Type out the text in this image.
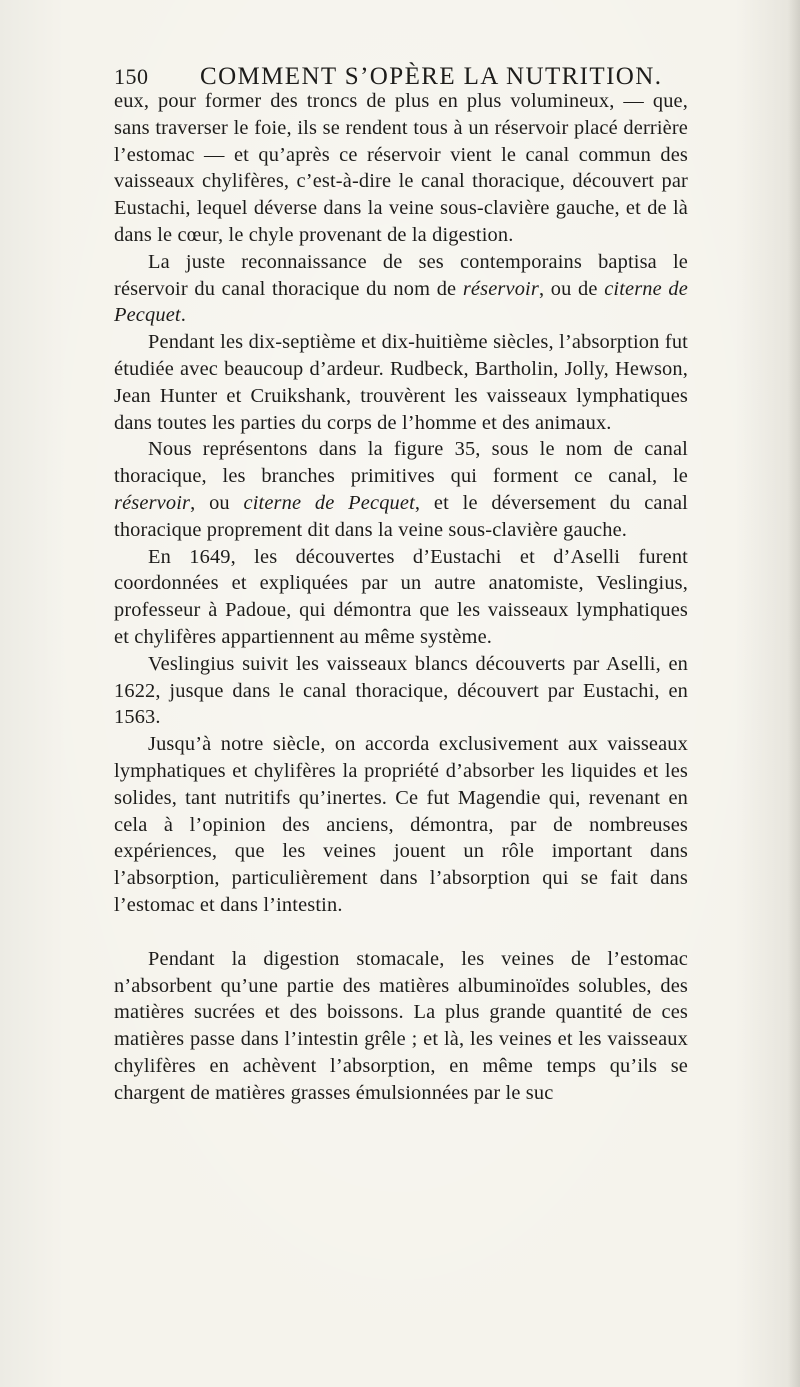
150 COMMENT S’OPÈRE LA NUTRITION.

eux, pour former des troncs de plus en plus volumineux, — que, sans traverser le foie, ils se rendent tous à un réservoir placé derrière l’estomac — et qu’après ce réservoir vient le canal commun des vaisseaux chylifères, c’est-à-dire le canal thoracique, découvert par Eustachi, lequel déverse dans la veine sous-clavière gauche, et de là dans le cœur, le chyle provenant de la digestion.

La juste reconnaissance de ses contemporains baptisa le réservoir du canal thoracique du nom de réservoir, ou de citerne de Pecquet.

Pendant les dix-septième et dix-huitième siècles, l’absorption fut étudiée avec beaucoup d’ardeur. Rudbeck, Bartholin, Jolly, Hewson, Jean Hunter et Cruikshank, trouvèrent les vaisseaux lymphatiques dans toutes les parties du corps de l’homme et des animaux.

Nous représentons dans la figure 35, sous le nom de canal thoracique, les branches primitives qui forment ce canal, le réservoir, ou citerne de Pecquet, et le déversement du canal thoracique proprement dit dans la veine sous-clavière gauche.

En 1649, les découvertes d’Eustachi et d’Aselli furent coordonnées et expliquées par un autre anatomiste, Veslingius, professeur à Padoue, qui démontra que les vaisseaux lymphatiques et chylifères appartiennent au même système.

Veslingius suivit les vaisseaux blancs découverts par Aselli, en 1622, jusque dans le canal thoracique, découvert par Eustachi, en 1563.

Jusqu’à notre siècle, on accorda exclusivement aux vaisseaux lymphatiques et chylifères la propriété d’absorber les liquides et les solides, tant nutritifs qu’inertes. Ce fut Magendie qui, revenant en cela à l’opinion des anciens, démontra, par de nombreuses expériences, que les veines jouent un rôle important dans l’absorption, particulièrement dans l’absorption qui se fait dans l’estomac et dans l’intestin.

Pendant la digestion stomacale, les veines de l’estomac n’absorbent qu’une partie des matières albuminoïdes solubles, des matières sucrées et des boissons. La plus grande quantité de ces matières passe dans l’intestin grêle ; et là, les veines et les vaisseaux chylifères en achèvent l’absorption, en même temps qu’ils se chargent de matières grasses émulsionnées par le suc
